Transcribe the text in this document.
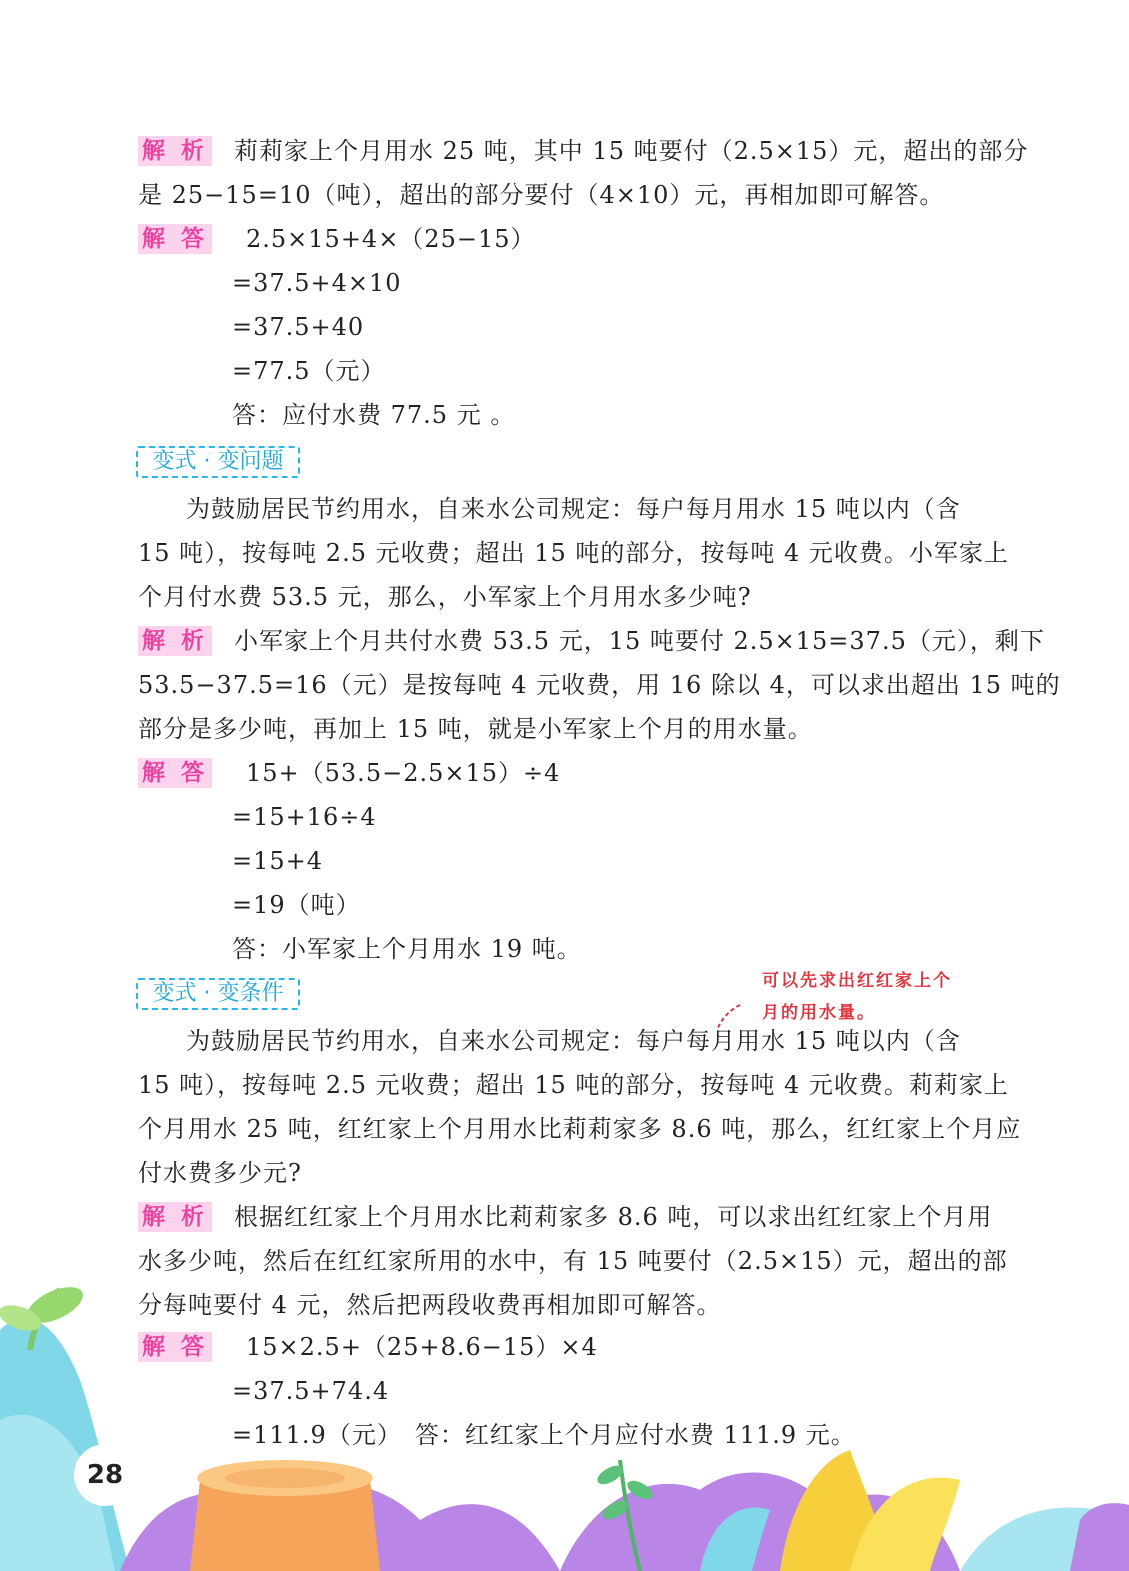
解 析 莉莉家上个月用水 25 吨，其中 15 吨要付（2.5×15）元，超出的部分
是 25−15=10（吨），超出的部分要付（4×10）元，再相加即可解答。
解 答 2.5×15+4×（25−15）
=37.5+4×10
=37.5+40
=77.5（元）
答：应付水费 77.5 元 。
变式 · 变问题
为鼓励居民节约用水，自来水公司规定：每户每月用水 15 吨以内（含
15 吨），按每吨 2.5 元收费；超出 15 吨的部分，按每吨 4 元收费。小军家上
个月付水费 53.5 元，那么，小军家上个月用水多少吨?
解 析 小军家上个月共付水费 53.5 元，15 吨要付 2.5×15=37.5（元），剩下
53.5−37.5=16（元）是按每吨 4 元收费，用 16 除以 4，可以求出超出 15 吨的
部分是多少吨，再加上 15 吨，就是小军家上个月的用水量。
解 答 15+（53.5−2.5×15）÷4
=15+16÷4
=15+4
=19（吨）
答：小军家上个月用水 19 吨。
变式 · 变条件	可以先求出红红家上个
月的用水量。
为鼓励居民节约用水，自来水公司规定：每户每月用水 15 吨以内（含
15 吨），按每吨 2.5 元收费；超出 15 吨的部分，按每吨 4 元收费。莉莉家上
个月用水 25 吨，红红家上个月用水比莉莉家多 8.6 吨，那么，红红家上个月应
付水费多少元?
解 析 根据红红家上个月用水比莉莉家多 8.6 吨，可以求出红红家上个月用
水多少吨，然后在红红家所用的水中，有 15 吨要付（2.5×15）元，超出的部
分每吨要付 4 元，然后把两段收费再相加即可解答。
解 答 15×2.5+（25+8.6−15）×4
=37.5+74.4
=111.9（元）　答：红红家上个月应付水费 111.9 元。
28
